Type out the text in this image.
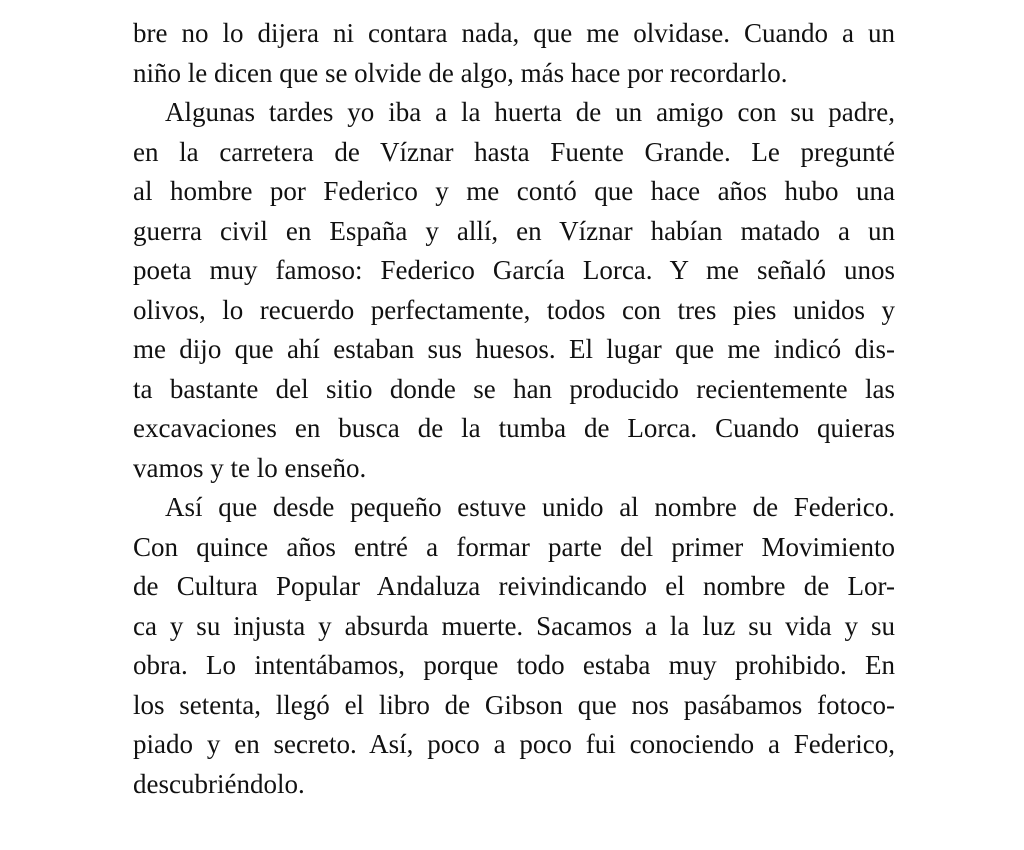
bre no lo dijera ni contara nada, que me olvidase. Cuando a un
niño le dicen que se olvide de algo, más hace por recordarlo.
Algunas tardes yo iba a la huerta de un amigo con su padre,
en la carretera de Víznar hasta Fuente Grande. Le pregunté
al hombre por Federico y me contó que hace años hubo una
guerra civil en España y allí, en Víznar habían matado a un
poeta muy famoso: Federico García Lorca. Y me señaló unos
olivos, lo recuerdo perfectamente, todos con tres pies unidos y
me dijo que ahí estaban sus huesos. El lugar que me indicó dis-
ta bastante del sitio donde se han producido recientemente las
excavaciones en busca de la tumba de Lorca. Cuando quieras
vamos y te lo enseño.
Así que desde pequeño estuve unido al nombre de Federico.
Con quince años entré a formar parte del primer Movimiento
de Cultura Popular Andaluza reivindicando el nombre de Lor-
ca y su injusta y absurda muerte. Sacamos a la luz su vida y su
obra. Lo intentábamos, porque todo estaba muy prohibido. En
los setenta, llegó el libro de Gibson que nos pasábamos fotoco-
piado y en secreto. Así, poco a poco fui conociendo a Federico,
descubriéndolo.
